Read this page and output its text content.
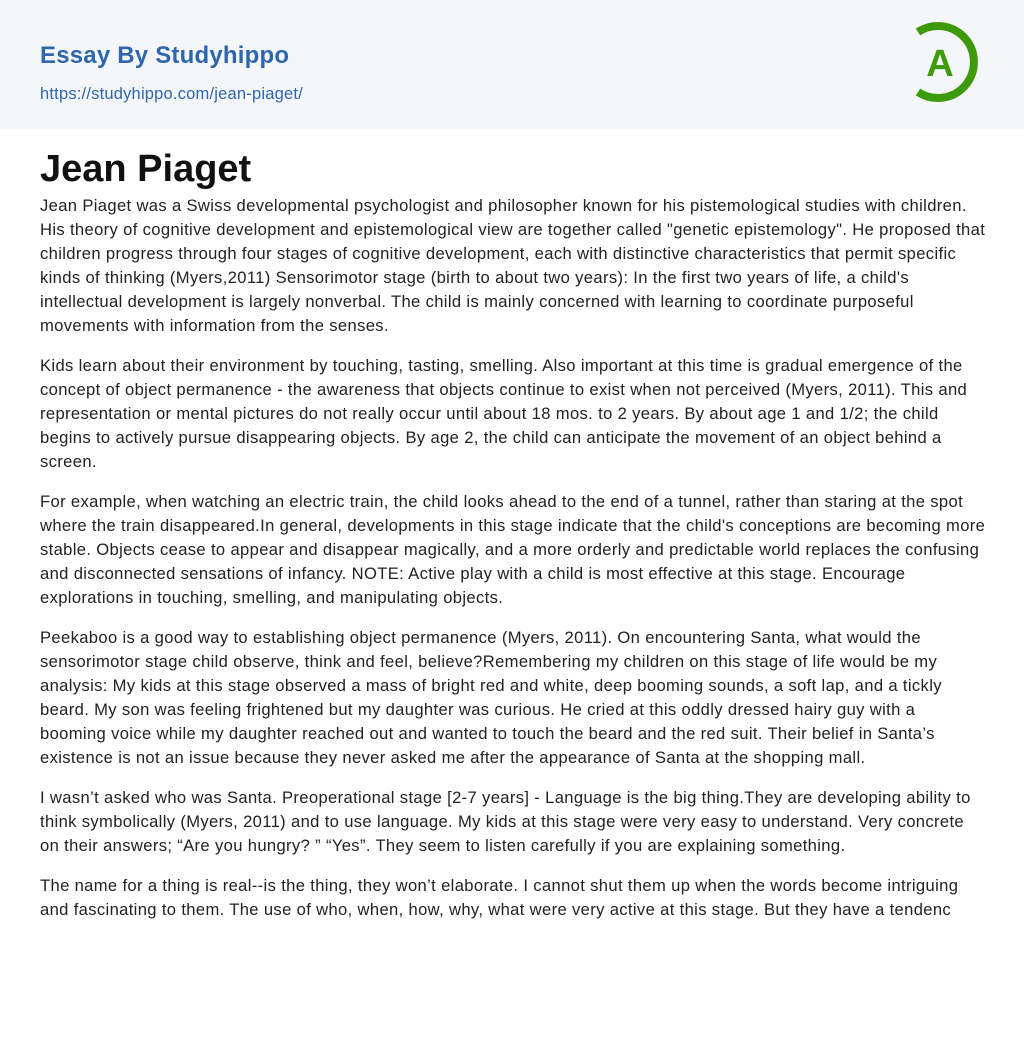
Essay By Studyhippo
https://studyhippo.com/jean-piaget/
A
Jean Piaget

Jean Piaget was a Swiss developmental psychologist and philosopher known for his pistemological studies with children. His theory of cognitive development and epistemological view are together called "genetic epistemology". He proposed that children progress through four stages of cognitive development, each with distinctive characteristics that permit specific kinds of thinking (Myers,2011) Sensorimotor stage (birth to about two years): In the first two years of life, a child's intellectual development is largely nonverbal. The child is mainly concerned with learning to coordinate purposeful movements with information from the senses.

Kids learn about their environment by touching, tasting, smelling. Also important at this time is gradual emergence of the concept of object permanence - the awareness that objects continue to exist when not perceived (Myers, 2011). This and representation or mental pictures do not really occur until about 18 mos. to 2 years. By about age 1 and 1/2; the child begins to actively pursue disappearing objects. By age 2, the child can anticipate the movement of an object behind a screen.

For example, when watching an electric train, the child looks ahead to the end of a tunnel, rather than staring at the spot where the train disappeared.In general, developments in this stage indicate that the child's conceptions are becoming more stable. Objects cease to appear and disappear magically, and a more orderly and predictable world replaces the confusing and disconnected sensations of infancy. NOTE: Active play with a child is most effective at this stage. Encourage explorations in touching, smelling, and manipulating objects.

Peekaboo is a good way to establishing object permanence (Myers, 2011). On encountering Santa, what would the sensorimotor stage child observe, think and feel, believe?Remembering my children on this stage of life would be my analysis: My kids at this stage observed a mass of bright red and white, deep booming sounds, a soft lap, and a tickly beard. My son was feeling frightened but my daughter was curious. He cried at this oddly dressed hairy guy with a booming voice while my daughter reached out and wanted to touch the beard and the red suit. Their belief in Santa’s existence is not an issue because they never asked me after the appearance of Santa at the shopping mall.

I wasn’t asked who was Santa. Preoperational stage [2-7 years] - Language is the big thing.They are developing ability to think symbolically (Myers, 2011) and to use language. My kids at this stage were very easy to understand. Very concrete on their answers; “Are you hungry? ” “Yes”. They seem to listen carefully if you are explaining something.

The name for a thing is real--is the thing, they won’t elaborate. I cannot shut them up when the words become intriguing and fascinating to them. The use of who, when, how, why, what were very active at this stage. But they have a tendenc
